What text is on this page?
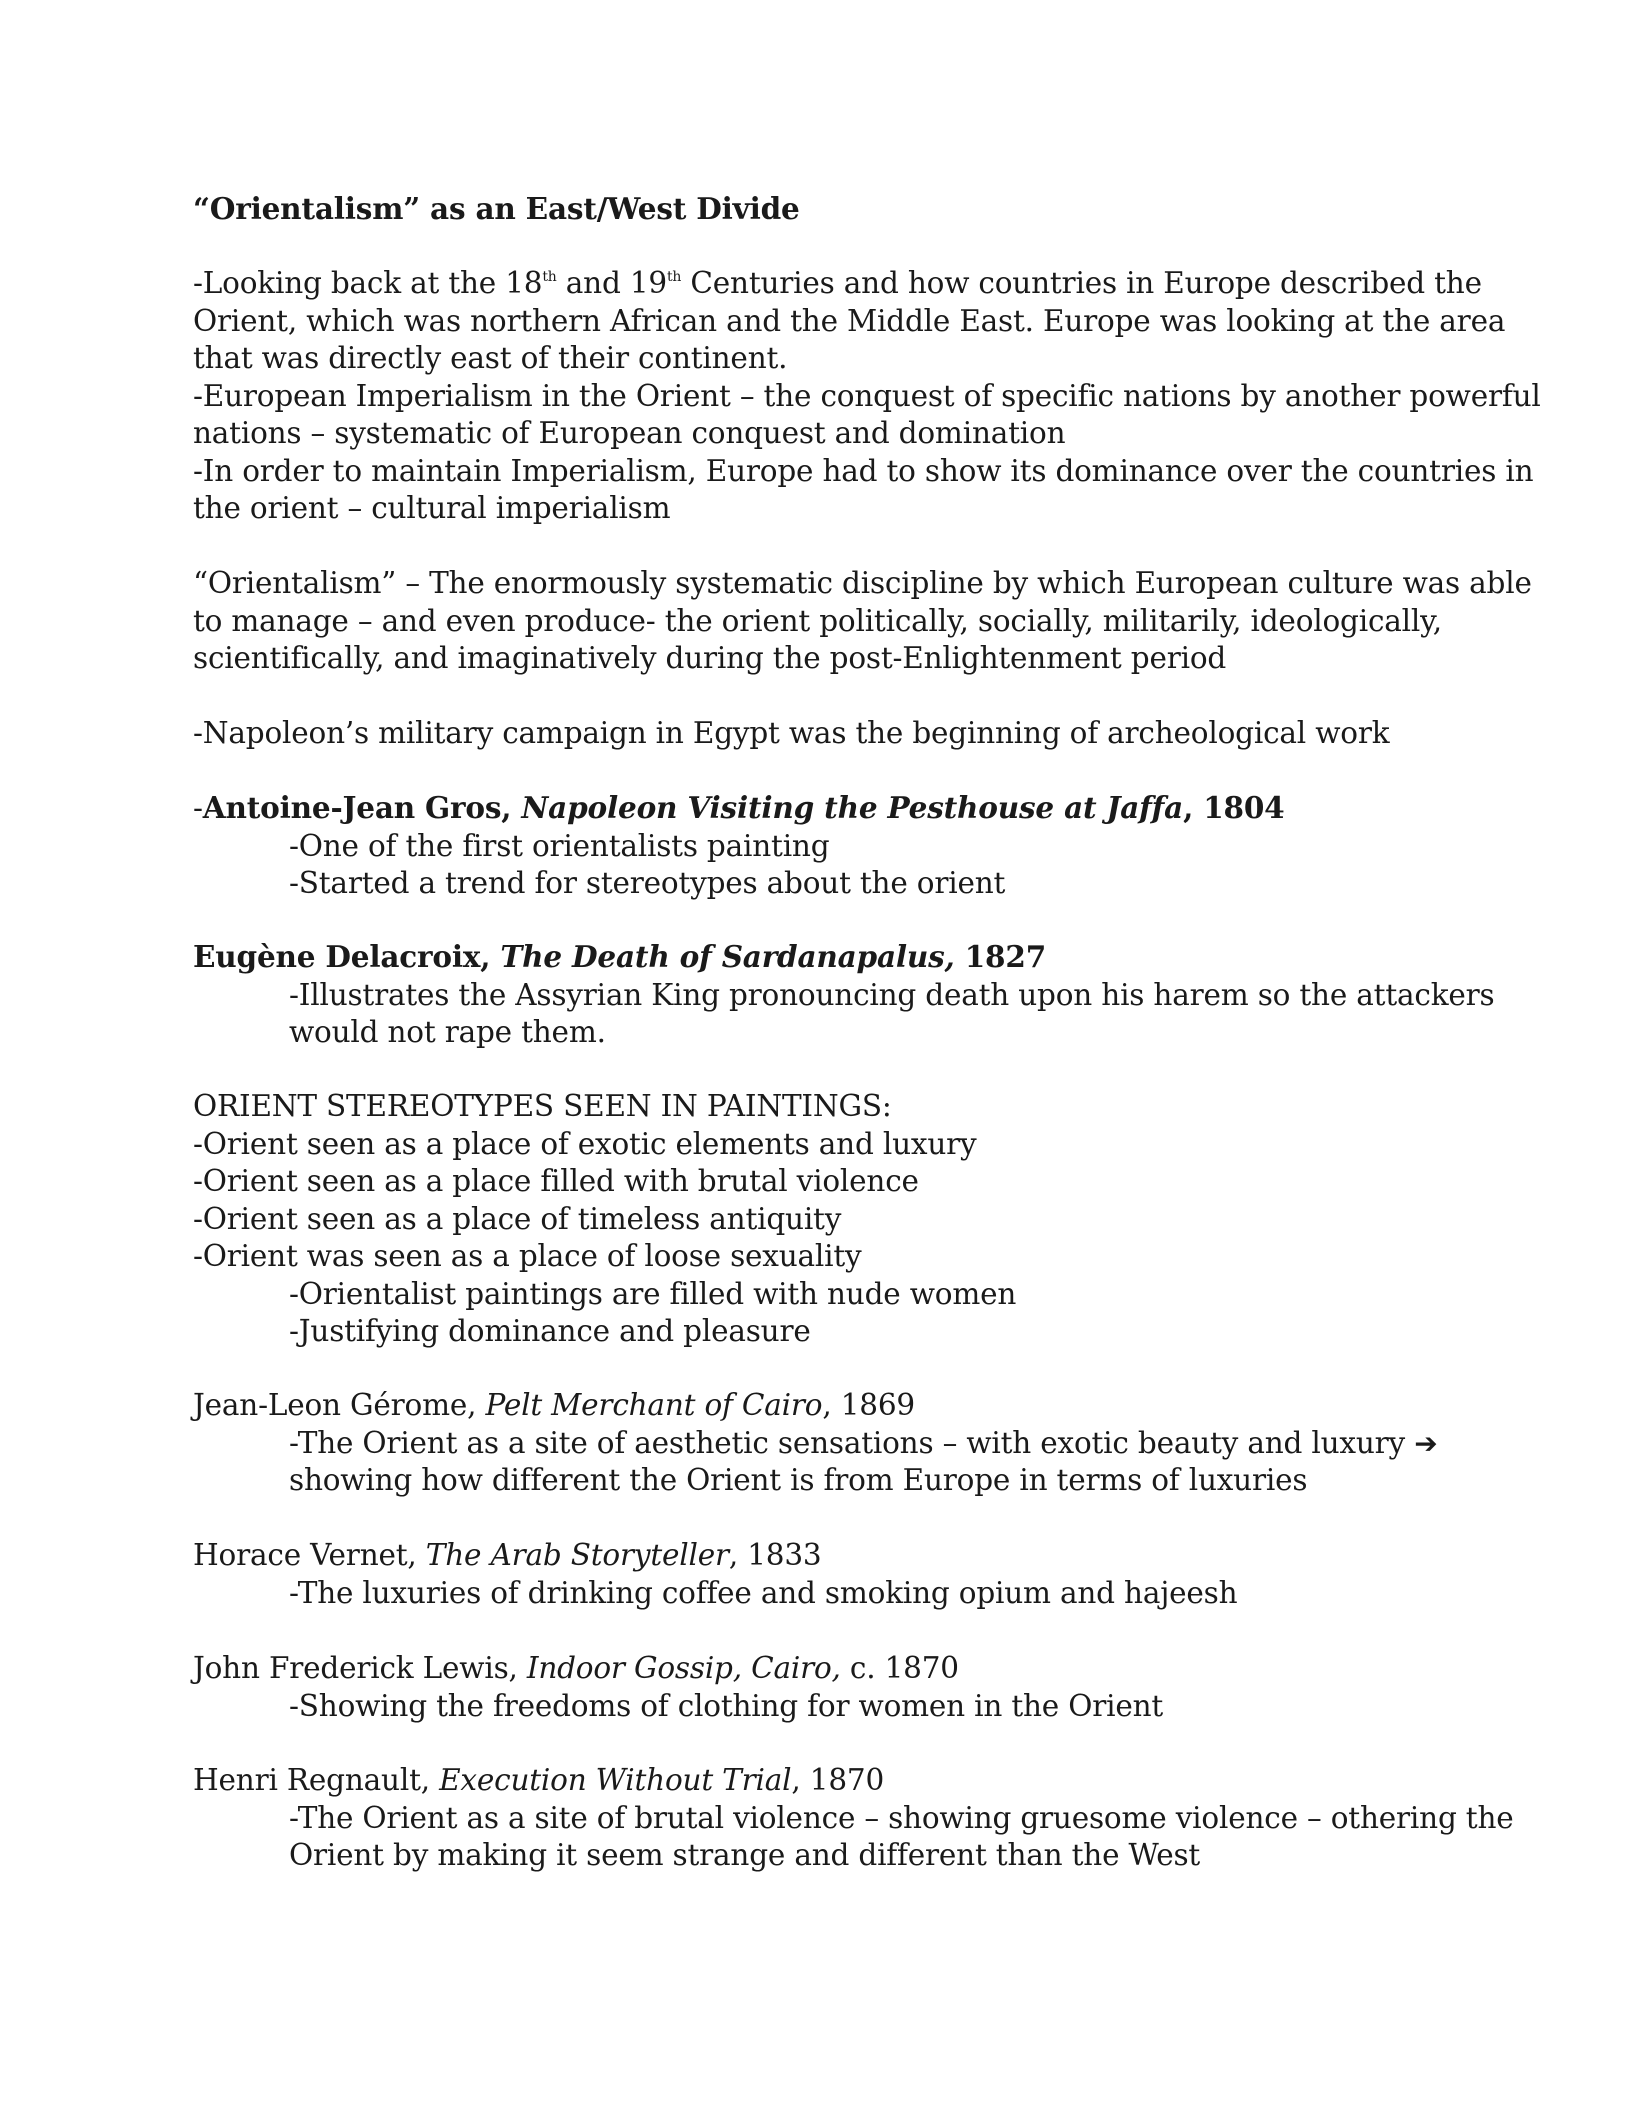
“Orientalism” as an East/West Divide
-Looking back at the 18th and 19th Centuries and how countries in Europe described the
Orient, which was northern African and the Middle East. Europe was looking at the area
that was directly east of their continent.
-European Imperialism in the Orient – the conquest of specific nations by another powerful
nations – systematic of European conquest and domination
-In order to maintain Imperialism, Europe had to show its dominance over the countries in
the orient – cultural imperialism
“Orientalism” – The enormously systematic discipline by which European culture was able
to manage – and even produce- the orient politically, socially, militarily, ideologically,
scientifically, and imaginatively during the post-Enlightenment period
-Napoleon’s military campaign in Egypt was the beginning of archeological work
-Antoine-Jean Gros, Napoleon Visiting the Pesthouse at Jaffa, 1804
-One of the first orientalists painting
-Started a trend for stereotypes about the orient
Eugène Delacroix, The Death of Sardanapalus, 1827
-Illustrates the Assyrian King pronouncing death upon his harem so the attackers
would not rape them.
ORIENT STEREOTYPES SEEN IN PAINTINGS:
-Orient seen as a place of exotic elements and luxury
-Orient seen as a place filled with brutal violence
-Orient seen as a place of timeless antiquity
-Orient was seen as a place of loose sexuality
-Orientalist paintings are filled with nude women
-Justifying dominance and pleasure
Jean-Leon Gérome, Pelt Merchant of Cairo, 1869
-The Orient as a site of aesthetic sensations – with exotic beauty and luxury ➔
showing how different the Orient is from Europe in terms of luxuries
Horace Vernet, The Arab Storyteller, 1833
-The luxuries of drinking coffee and smoking opium and hajeesh
John Frederick Lewis, Indoor Gossip, Cairo, c. 1870
-Showing the freedoms of clothing for women in the Orient
Henri Regnault, Execution Without Trial, 1870
-The Orient as a site of brutal violence – showing gruesome violence – othering the
Orient by making it seem strange and different than the West
